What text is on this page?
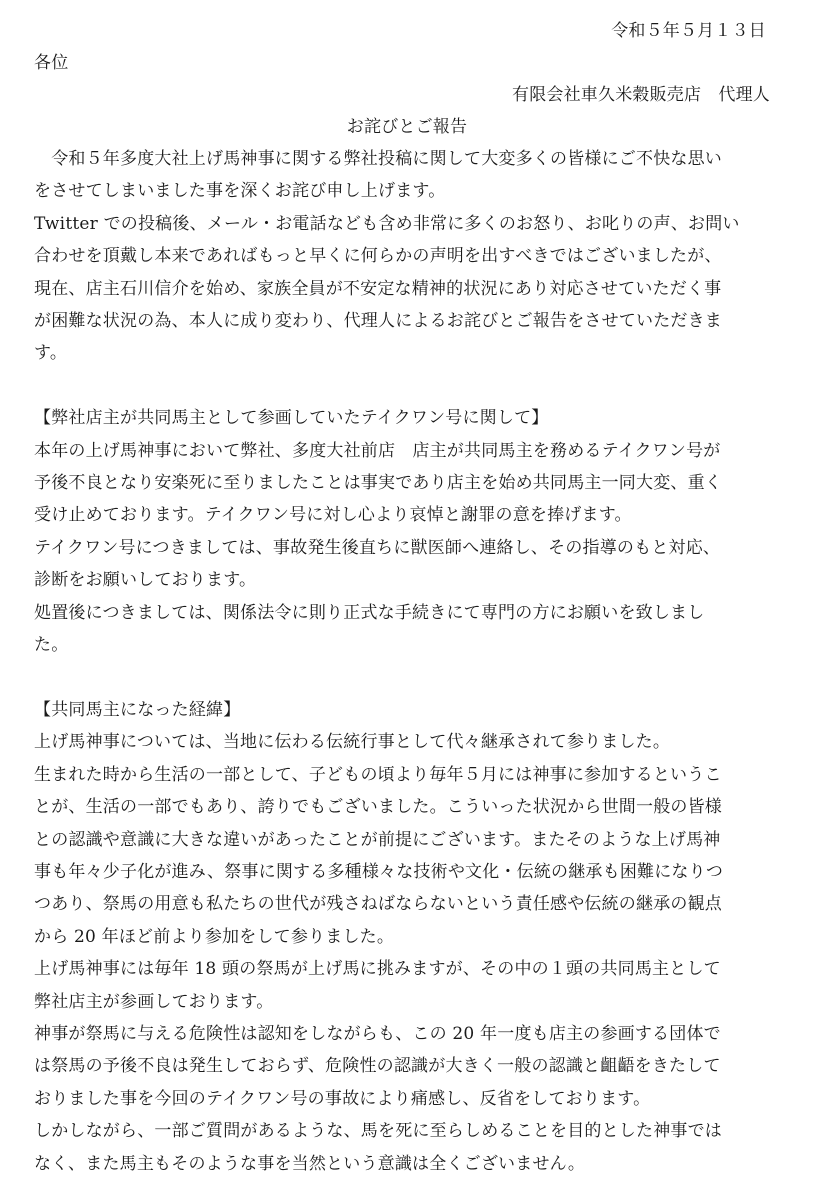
令和５年５月１３日
各位
有限会社車久米穀販売店　代理人
お詫びとご報告
　令和５年多度大社上げ馬神事に関する弊社投稿に関して大変多くの皆様にご不快な思い
をさせてしまいました事を深くお詫び申し上げます。
Twitter での投稿後、メール・お電話なども含め非常に多くのお怒り、お叱りの声、お問い
合わせを頂戴し本来であればもっと早くに何らかの声明を出すべきではございましたが、
現在、店主石川信介を始め、家族全員が不安定な精神的状況にあり対応させていただく事
が困難な状況の為、本人に成り変わり、代理人によるお詫びとご報告をさせていただきま
す。
【弊社店主が共同馬主として参画していたテイクワン号に関して】
本年の上げ馬神事において弊社、多度大社前店　店主が共同馬主を務めるテイクワン号が
予後不良となり安楽死に至りましたことは事実であり店主を始め共同馬主一同大変、重く
受け止めております。テイクワン号に対し心より哀悼と謝罪の意を捧げます。
テイクワン号につきましては、事故発生後直ちに獣医師へ連絡し、その指導のもと対応、
診断をお願いしております。
処置後につきましては、関係法令に則り正式な手続きにて専門の方にお願いを致しまし
た。
【共同馬主になった経緯】
上げ馬神事については、当地に伝わる伝統行事として代々継承されて参りました。
生まれた時から生活の一部として、子どもの頃より毎年５月には神事に参加するというこ
とが、生活の一部でもあり、誇りでもございました。こういった状況から世間一般の皆様
との認識や意識に大きな違いがあったことが前提にございます。またそのような上げ馬神
事も年々少子化が進み、祭事に関する多種様々な技術や文化・伝統の継承も困難になりつ
つあり、祭馬の用意も私たちの世代が残さねばならないという責任感や伝統の継承の観点
から 20 年ほど前より参加をして参りました。
上げ馬神事には毎年 18 頭の祭馬が上げ馬に挑みますが、その中の１頭の共同馬主として
弊社店主が参画しております。
神事が祭馬に与える危険性は認知をしながらも、この 20 年一度も店主の参画する団体で
は祭馬の予後不良は発生しておらず、危険性の認識が大きく一般の認識と齟齬をきたして
おりました事を今回のテイクワン号の事故により痛感し、反省をしております。
しかしながら、一部ご質問があるような、馬を死に至らしめることを目的とした神事では
なく、また馬主もそのような事を当然という意識は全くございません。
